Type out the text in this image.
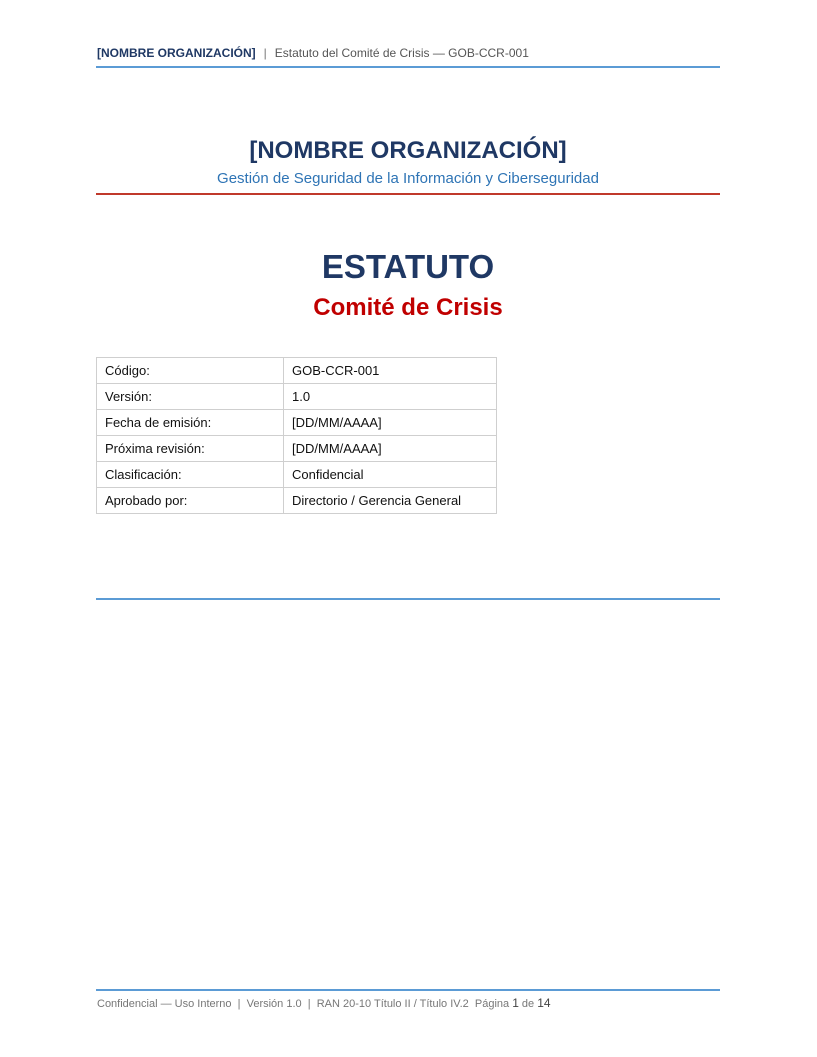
[NOMBRE ORGANIZACIÓN] | Estatuto del Comité de Crisis — GOB-CCR-001
[NOMBRE ORGANIZACIÓN]
Gestión de Seguridad de la Información y Ciberseguridad
ESTATUTO
Comité de Crisis
Código:	GOB-CCR-001
Versión:	1.0
Fecha de emisión:	[DD/MM/AAAA]
Próxima revisión:	[DD/MM/AAAA]
Clasificación:	Confidencial
Aprobado por:	Directorio / Gerencia General
Confidencial — Uso Interno  |  Versión 1.0  |  RAN 20-10 Título II / Título IV.2  Página 1 de 14
